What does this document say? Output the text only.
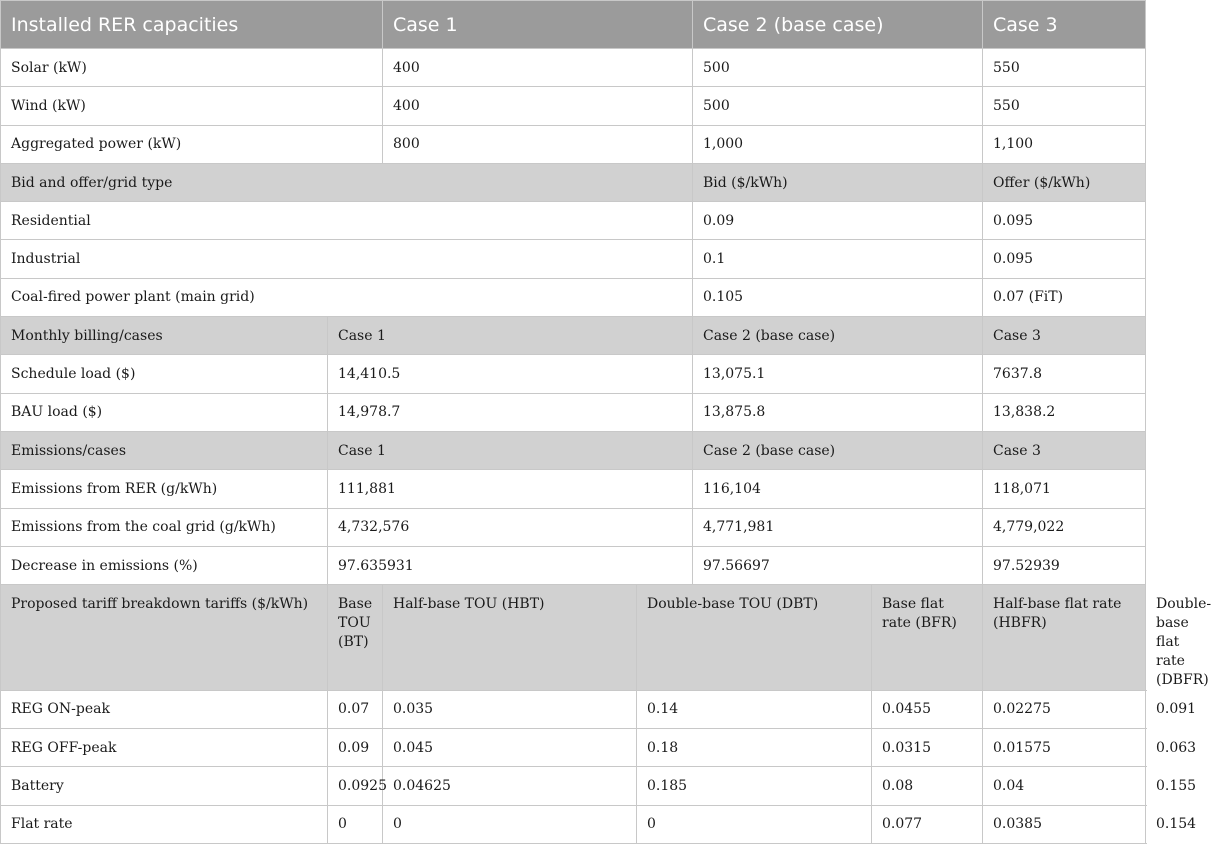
Installed RER capacities		Case 1		Case 2 (base case)		Case 3	
Solar (kW)		400		500		550	
Wind (kW)		400		500		550	
Aggregated power (kW)		800		1,000		1,100	
Bid and offer/grid type				Bid ($/kWh)		Offer ($/kWh)	
Residential				0.09		0.095	
Industrial				0.1		0.095	
Coal-fired power plant (main grid)				0.105		0.07 (FiT)	
Monthly billing/cases	Case 1			Case 2 (base case)		Case 3	
Schedule load ($)	14,410.5			13,075.1		7637.8	
BAU load ($)	14,978.7			13,875.8		13,838.2	
Emissions/cases	Case 1			Case 2 (base case)		Case 3	
Emissions from RER (g/kWh)	111,881			116,104		118,071	
Emissions from the coal grid (g/kWh)	4,732,576			4,771,981		4,779,022	
Decrease in emissions (%)	97.635931			97.56697		97.52939	
Proposed tariff breakdown tariffs ($/kWh)	Base TOU (BT)	Half-base TOU (HBT)	Double-base TOU (DBT)		Base flat rate (BFR)	Half-base flat rate (HBFR)	Double-base flat rate (DBFR)
REG ON-peak	0.07	0.035	0.14		0.0455	0.02275	0.091
REG OFF-peak	0.09	0.045	0.18		0.0315	0.01575	0.063
Battery	0.0925	0.04625	0.185		0.08	0.04	0.155
Flat rate	0	0	0		0.077	0.0385	0.154
